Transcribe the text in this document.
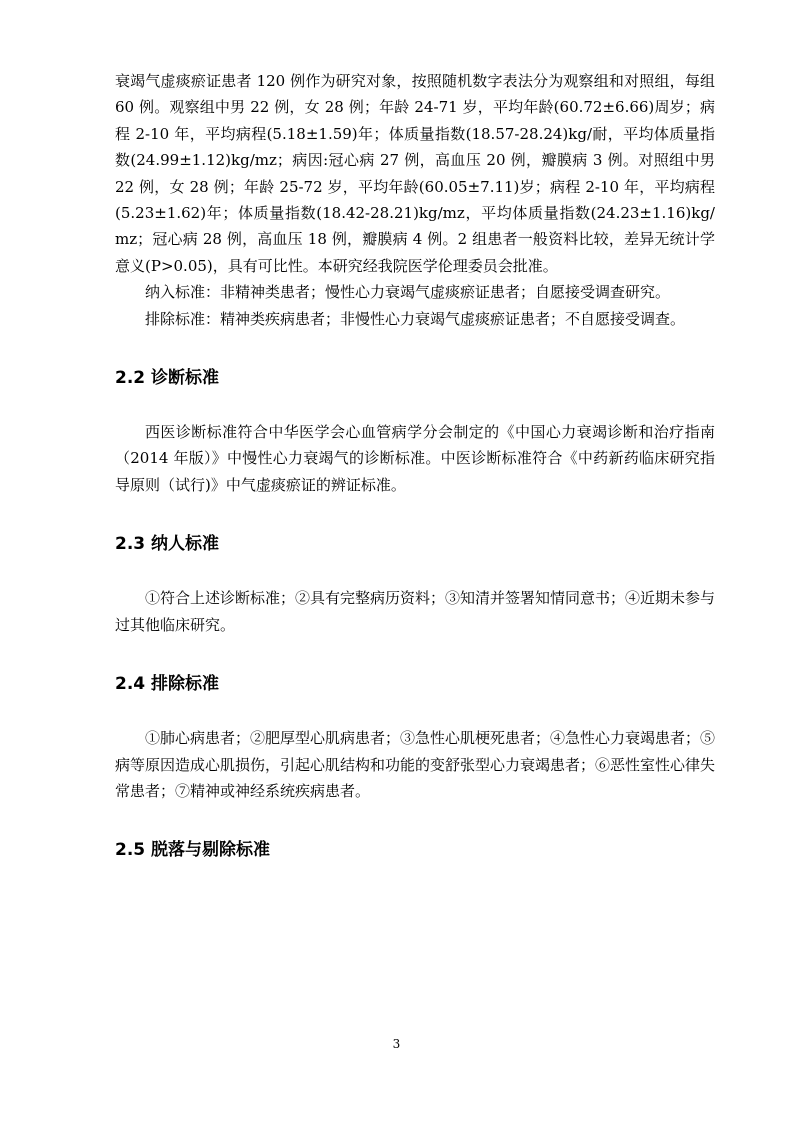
衰竭气虚痰瘀证患者 120 例作为研究对象，按照随机数字表法分为观察组和对照组，每组 60 例。观察组中男 22 例，女 28 例；年龄 24-71 岁，平均年龄(60.72±6.66)周岁；病程 2-10 年，平均病程(5.18±1.59)年；体质量指数(18.57-28.24)kg/耐，平均体质量指数(24.99±1.12)kg/mz；病因:冠心病 27 例，高血压 20 例，瓣膜病 3 例。对照组中男 22 例，女 28 例；年龄 25-72 岁，平均年龄(60.05±7.11)岁；病程 2-10 年，平均病程(5.23±1.62)年；体质量指数(18.42-28.21)kg/mz，平均体质量指数(24.23±1.16)kg/mz；冠心病 28 例，高血压 18 例，瓣膜病 4 例。2 组患者一般资料比较，差异无统计学意义(P>0.05)，具有可比性。本研究经我院医学伦理委员会批准。

纳入标准：非精神类患者；慢性心力衰竭气虚痰瘀证患者；自愿接受调查研究。

排除标准：精神类疾病患者；非慢性心力衰竭气虚痰瘀证患者；不自愿接受调查。

2.2 诊断标准

西医诊断标准符合中华医学会心血管病学分会制定的《中国心力衰竭诊断和治疗指南（2014 年版）》中慢性心力衰竭气的诊断标准。中医诊断标准符合《中药新药临床研究指导原则（试行)》中气虚痰瘀证的辨证标准。

2.3 纳人标准

①符合上述诊断标准；②具有完整病历资料；③知清并签署知情同意书；④近期未参与过其他临床研究。

2.4 排除标准

①肺心病患者；②肥厚型心肌病患者；③急性心肌梗死患者；④急性心力衰竭患者；⑤病等原因造成心肌损伤，引起心肌结构和功能的变舒张型心力衰竭患者；⑥恶性室性心律失常患者；⑦精神或神经系统疾病患者。

2.5 脱落与剔除标准
3
